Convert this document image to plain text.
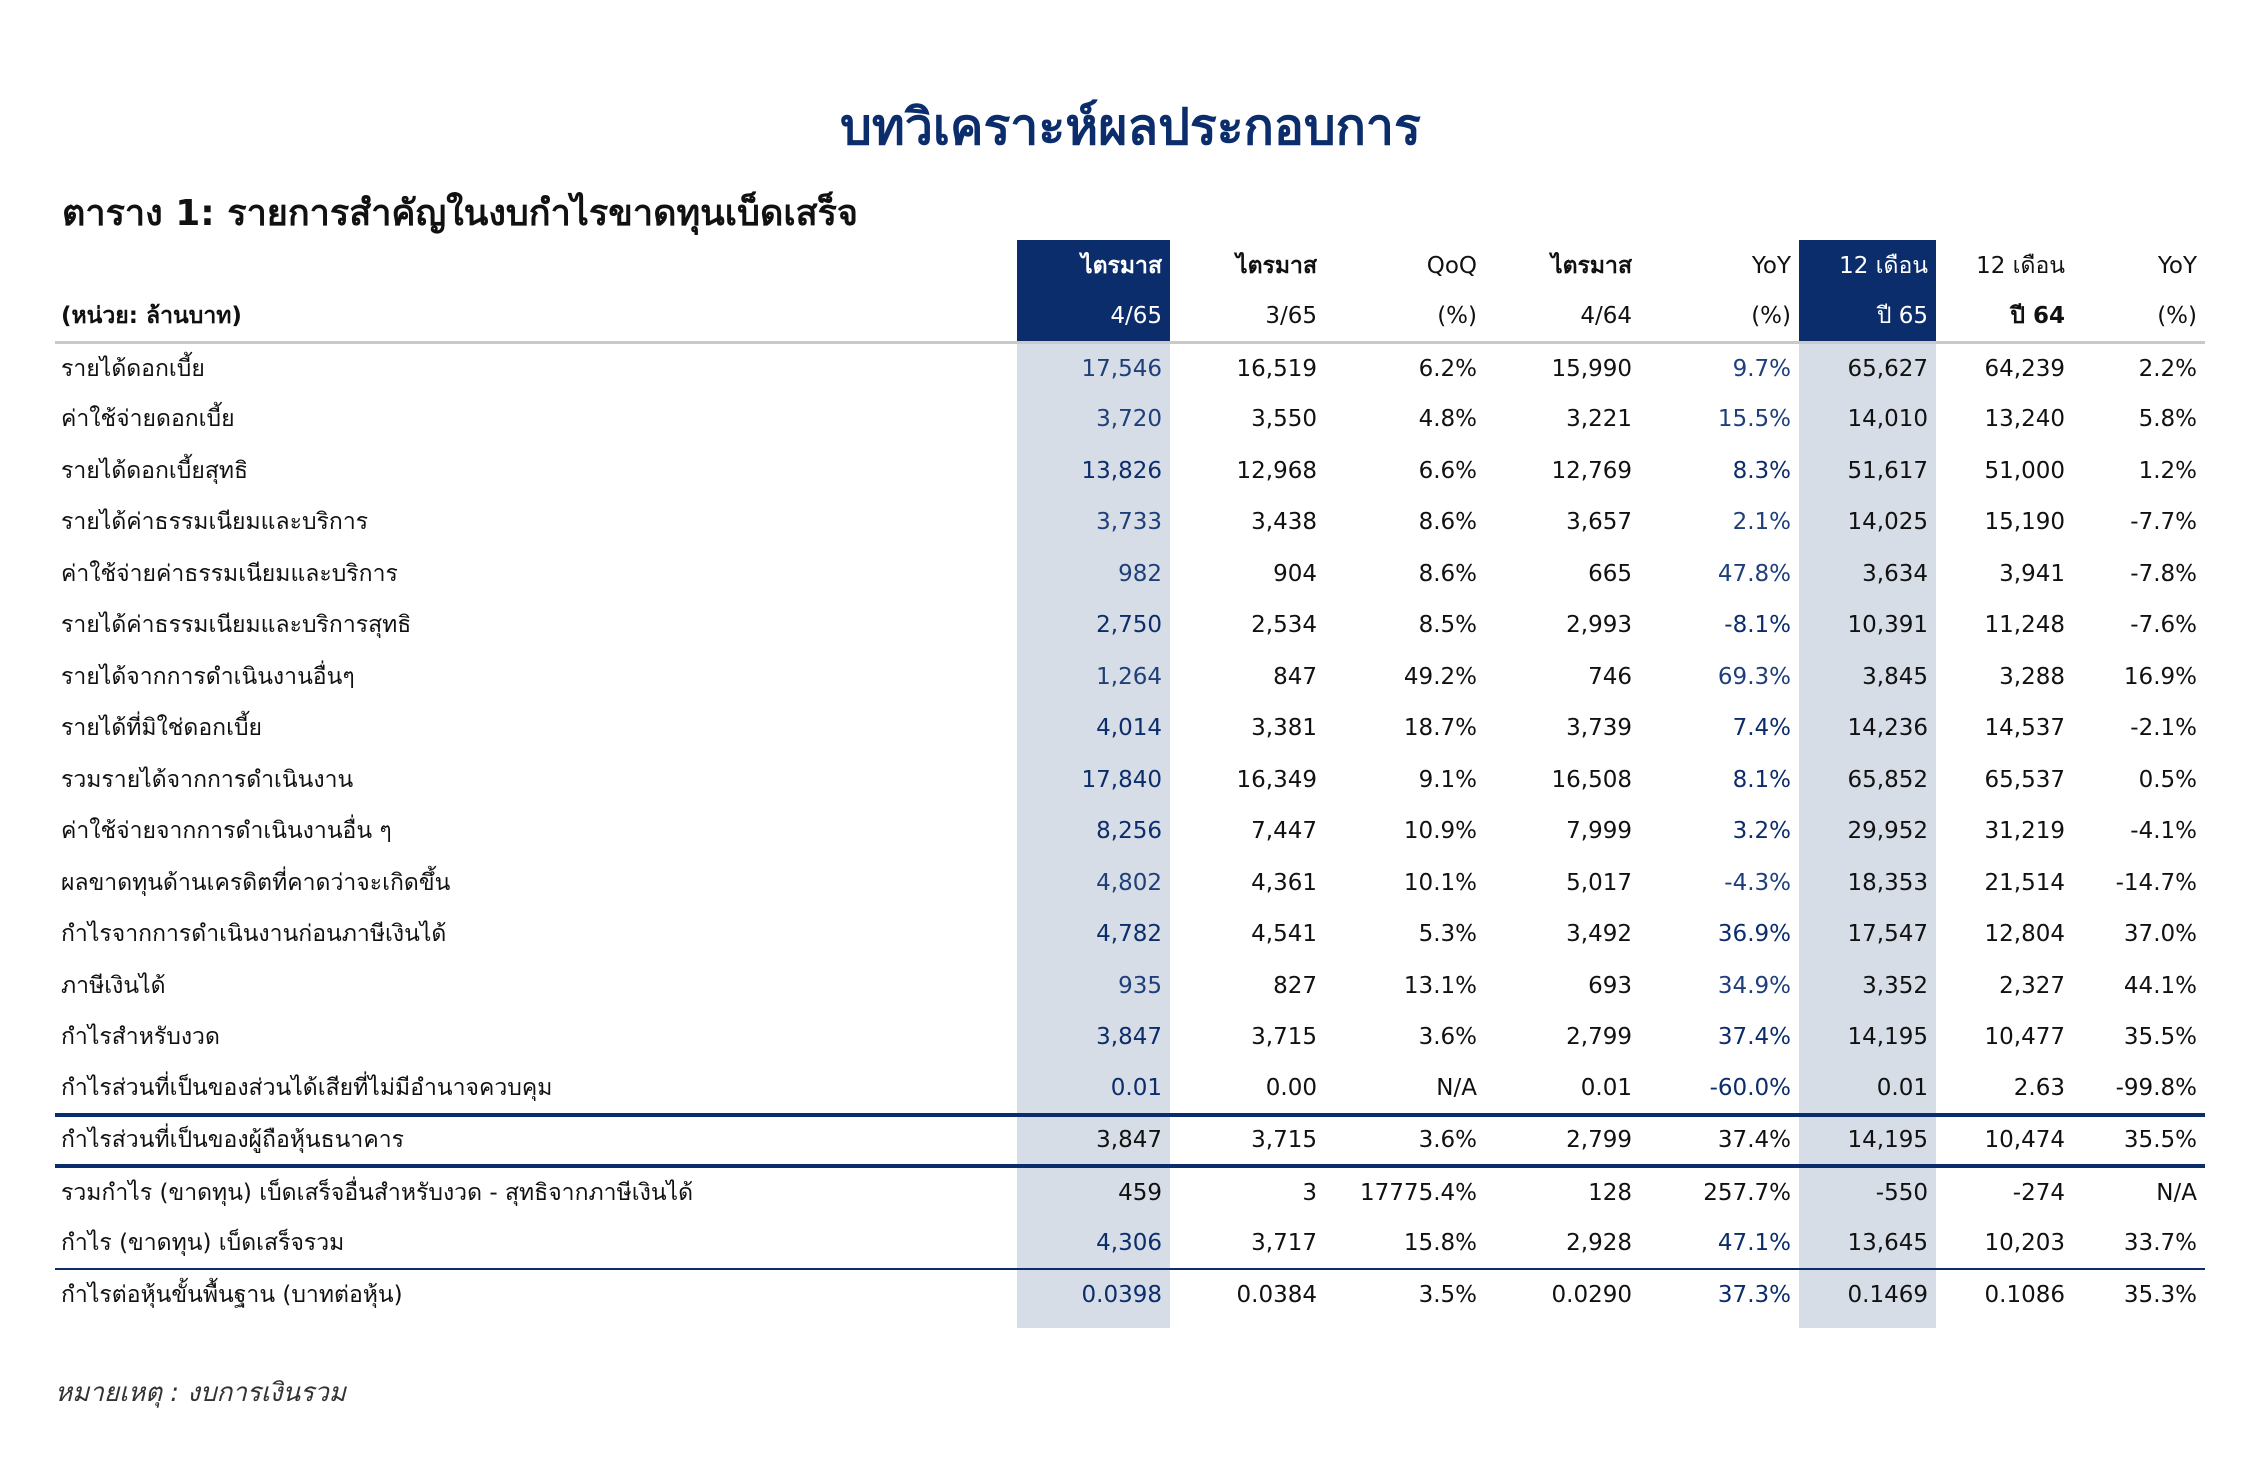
บทวิเคราะห์ผลประกอบการ
ตาราง 1: รายการสำคัญในงบกำไรขาดทุนเบ็ดเสร็จ
	ไตรมาส	ไตรมาส	QoQ	ไตรมาส	YoY	12 เดือน	12 เดือน	YoY
(หน่วย: ล้านบาท)	4/65	3/65	(%)	4/64	(%)	ปี 65	ปี 64	(%)
รายได้ดอกเบี้ย	17,546	16,519	6.2%	15,990	9.7%	65,627	64,239	2.2%
ค่าใช้จ่ายดอกเบี้ย	3,720	3,550	4.8%	3,221	15.5%	14,010	13,240	5.8%
รายได้ดอกเบี้ยสุทธิ	13,826	12,968	6.6%	12,769	8.3%	51,617	51,000	1.2%
รายได้ค่าธรรมเนียมและบริการ	3,733	3,438	8.6%	3,657	2.1%	14,025	15,190	-7.7%
ค่าใช้จ่ายค่าธรรมเนียมและบริการ	982	904	8.6%	665	47.8%	3,634	3,941	-7.8%
รายได้ค่าธรรมเนียมและบริการสุทธิ	2,750	2,534	8.5%	2,993	-8.1%	10,391	11,248	-7.6%
รายได้จากการดำเนินงานอื่นๆ	1,264	847	49.2%	746	69.3%	3,845	3,288	16.9%
รายได้ที่มิใช่ดอกเบี้ย	4,014	3,381	18.7%	3,739	7.4%	14,236	14,537	-2.1%
รวมรายได้จากการดำเนินงาน	17,840	16,349	9.1%	16,508	8.1%	65,852	65,537	0.5%
ค่าใช้จ่ายจากการดำเนินงานอื่น ๆ	8,256	7,447	10.9%	7,999	3.2%	29,952	31,219	-4.1%
ผลขาดทุนด้านเครดิตที่คาดว่าจะเกิดขึ้น	4,802	4,361	10.1%	5,017	-4.3%	18,353	21,514	-14.7%
กำไรจากการดำเนินงานก่อนภาษีเงินได้	4,782	4,541	5.3%	3,492	36.9%	17,547	12,804	37.0%
ภาษีเงินได้	935	827	13.1%	693	34.9%	3,352	2,327	44.1%
กำไรสำหรับงวด	3,847	3,715	3.6%	2,799	37.4%	14,195	10,477	35.5%
กำไรส่วนที่เป็นของส่วนได้เสียที่ไม่มีอำนาจควบคุม	0.01	0.00	N/A	0.01	-60.0%	0.01	2.63	-99.8%
กำไรส่วนที่เป็นของผู้ถือหุ้นธนาคาร	3,847	3,715	3.6%	2,799	37.4%	14,195	10,474	35.5%
รวมกำไร (ขาดทุน) เบ็ดเสร็จอื่นสำหรับงวด - สุทธิจากภาษีเงินได้	459	3	17775.4%	128	257.7%	-550	-274	N/A
กำไร (ขาดทุน) เบ็ดเสร็จรวม	4,306	3,717	15.8%	2,928	47.1%	13,645	10,203	33.7%
กำไรต่อหุ้นขั้นพื้นฐาน (บาทต่อหุ้น)	0.0398	0.0384	3.5%	0.0290	37.3%	0.1469	0.1086	35.3%
หมายเหตุ : งบการเงินรวม
